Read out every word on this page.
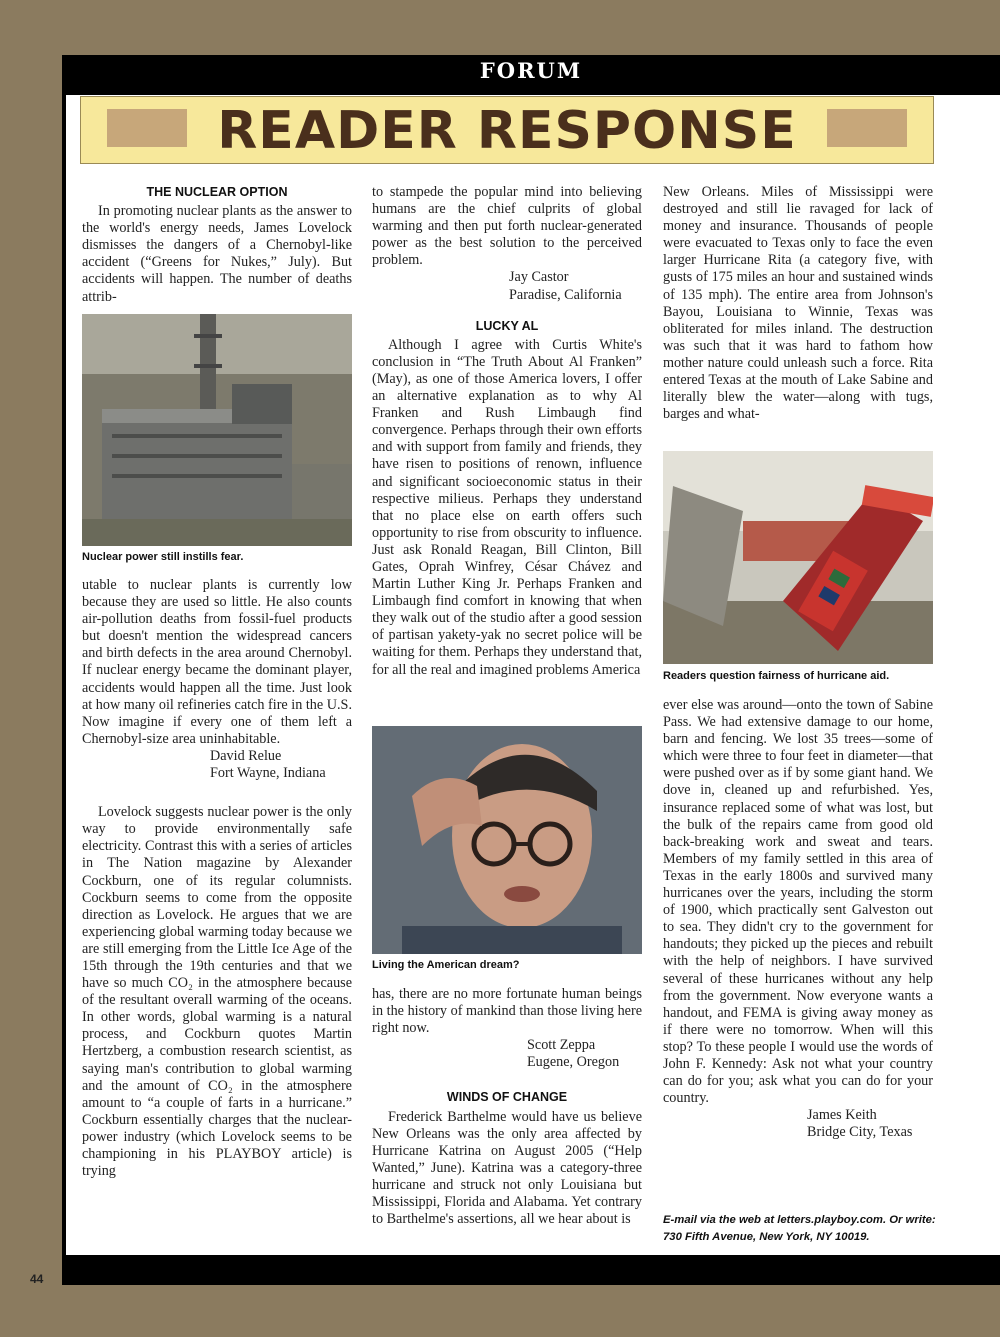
FORUM
READER RESPONSE
THE NUCLEAR OPTION

In promoting nuclear plants as the answer to the world's energy needs, James Lovelock dismisses the dangers of a Chernobyl-like accident (“Greens for Nukes,” July). But accidents will happen. The number of deaths attrib-

Nuclear power still instills fear.

utable to nuclear plants is currently low because they are used so little. He also counts air-pollution deaths from fossil-fuel products but doesn't mention the widespread cancers and birth defects in the area around Chernobyl. If nuclear energy became the dominant player, accidents would happen all the time. Just look at how many oil refineries catch fire in the U.S. Now imagine if every one of them left a Chernobyl-size area uninhabitable.

David Relue
Fort Wayne, Indiana

Lovelock suggests nuclear power is the only way to provide environmentally safe electricity. Contrast this with a series of articles in The Nation magazine by Alexander Cockburn, one of its regular columnists. Cockburn seems to come from the opposite direction as Lovelock. He argues that we are experiencing global warming today because we are still emerging from the Little Ice Age of the 15th through the 19th centuries and that we have so much CO₂ in the atmosphere because of the resultant overall warming of the oceans. In other words, global warming is a natural process, and Cockburn quotes Martin Hertzberg, a combustion research scientist, as saying man's contribution to global warming and the amount of CO₂ in the atmosphere amount to “a couple of farts in a hurricane.” Cockburn essentially charges that the nuclear-power industry (which Lovelock seems to be championing in his PLAYBOY article) is trying

to stampede the popular mind into believing humans are the chief culprits of global warming and then put forth nuclear-generated power as the best solution to the perceived problem.

Jay Castor
Paradise, California
LUCKY AL

Although I agree with Curtis White's conclusion in “The Truth About Al Franken” (May), as one of those America lovers, I offer an alternative explanation as to why Al Franken and Rush Limbaugh find convergence. Perhaps through their own efforts and with support from family and friends, they have risen to positions of renown, influence and significant socioeconomic status in their respective milieus. Perhaps they understand that no place else on earth offers such opportunity to rise from obscurity to influence. Just ask Ronald Reagan, Bill Clinton, Bill Gates, Oprah Winfrey, César Chávez and Martin Luther King Jr. Perhaps Franken and Limbaugh find comfort in knowing that when they walk out of the studio after a good session of partisan yakety-yak no secret police will be waiting for them. Perhaps they understand that, for all the real and imagined problems America

Living the American dream?

has, there are no more fortunate human beings in the history of mankind than those living here right now.

Scott Zeppa
Eugene, Oregon
WINDS OF CHANGE

Frederick Barthelme would have us believe New Orleans was the only area affected by Hurricane Katrina on August 2005 (“Help Wanted,” June). Katrina was a category-three hurricane and struck not only Louisiana but Mississippi, Florida and Alabama. Yet contrary to Barthelme's assertions, all we hear about is

New Orleans. Miles of Mississippi were destroyed and still lie ravaged for lack of money and insurance. Thousands of people were evacuated to Texas only to face the even larger Hurricane Rita (a category five, with gusts of 175 miles an hour and sustained winds of 135 mph). The entire area from Johnson's Bayou, Louisiana to Winnie, Texas was obliterated for miles inland. The destruction was such that it was hard to fathom how mother nature could unleash such a force. Rita entered Texas at the mouth of Lake Sabine and literally blew the water—along with tugs, barges and what-

Readers question fairness of hurricane aid.

ever else was around—onto the town of Sabine Pass. We had extensive damage to our home, barn and fencing. We lost 35 trees—some of which were three to four feet in diameter—that were pushed over as if by some giant hand. We dove in, cleaned up and refurbished. Yes, insurance replaced some of what was lost, but the bulk of the repairs came from good old back-breaking work and sweat and tears. Members of my family settled in this area of Texas in the early 1800s and survived many hurricanes over the years, including the storm of 1900, which practically sent Galveston out to sea. They didn't cry to the government for handouts; they picked up the pieces and rebuilt with the help of neighbors. I have survived several of these hurricanes without any help from the government. Now everyone wants a handout, and FEMA is giving away money as if there were no tomorrow. When will this stop? To these people I would use the words of John F. Kennedy: Ask not what your country can do for you; ask what you can do for your country.

James Keith
Bridge City, Texas
E-mail via the web at letters.playboy.com. Or write: 730 Fifth Avenue, New York, NY 10019.
44
